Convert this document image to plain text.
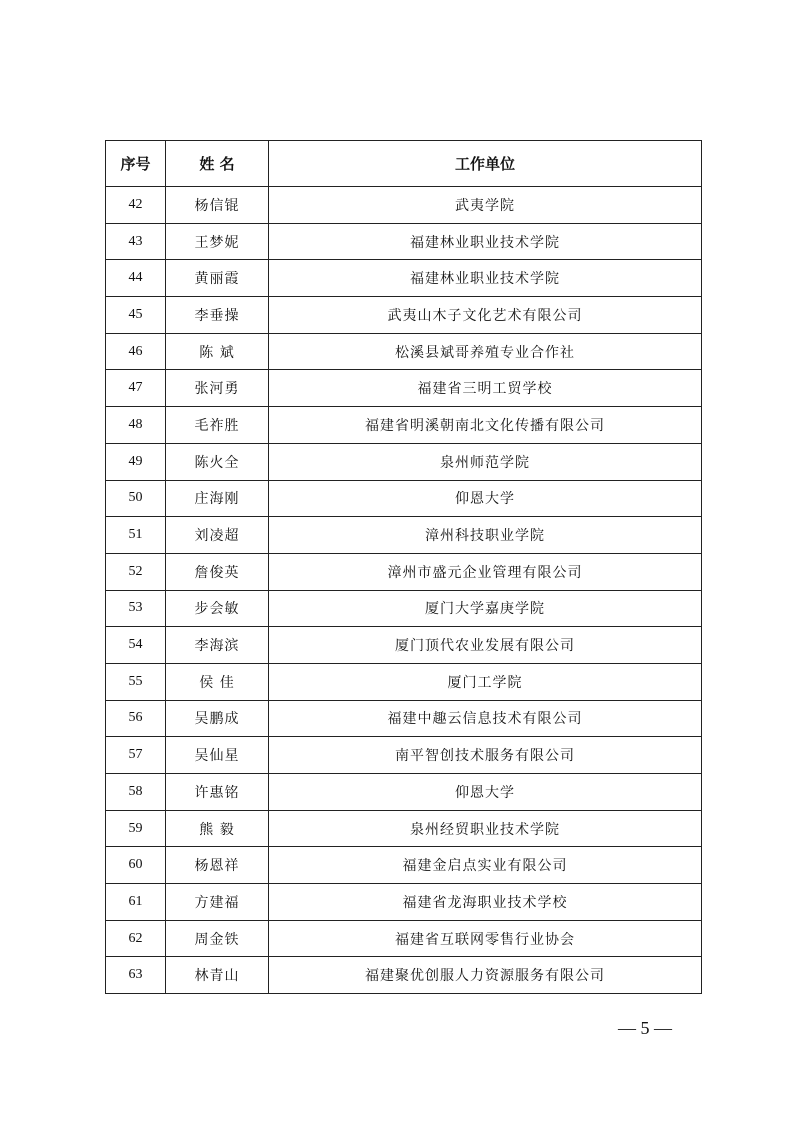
序号	姓 名	工作单位
42	杨信锟	武夷学院
43	王梦妮	福建林业职业技术学院
44	黄丽霞	福建林业职业技术学院
45	李垂操	武夷山木子文化艺术有限公司
46	陈 斌	松溪县斌哥养殖专业合作社
47	张河勇	福建省三明工贸学校
48	毛祚胜	福建省明溪朝南北文化传播有限公司
49	陈火全	泉州师范学院
50	庄海刚	仰恩大学
51	刘凌超	漳州科技职业学院
52	詹俊英	漳州市盛元企业管理有限公司
53	步会敏	厦门大学嘉庚学院
54	李海滨	厦门顶代农业发展有限公司
55	侯 佳	厦门工学院
56	吴鹏成	福建中趣云信息技术有限公司
57	吴仙星	南平智创技术服务有限公司
58	许惠铭	仰恩大学
59	熊 毅	泉州经贸职业技术学院
60	杨恩祥	福建金启点实业有限公司
61	方建福	福建省龙海职业技术学校
62	周金铁	福建省互联网零售行业协会
63	林青山	福建聚优创服人力资源服务有限公司
— 5 —
